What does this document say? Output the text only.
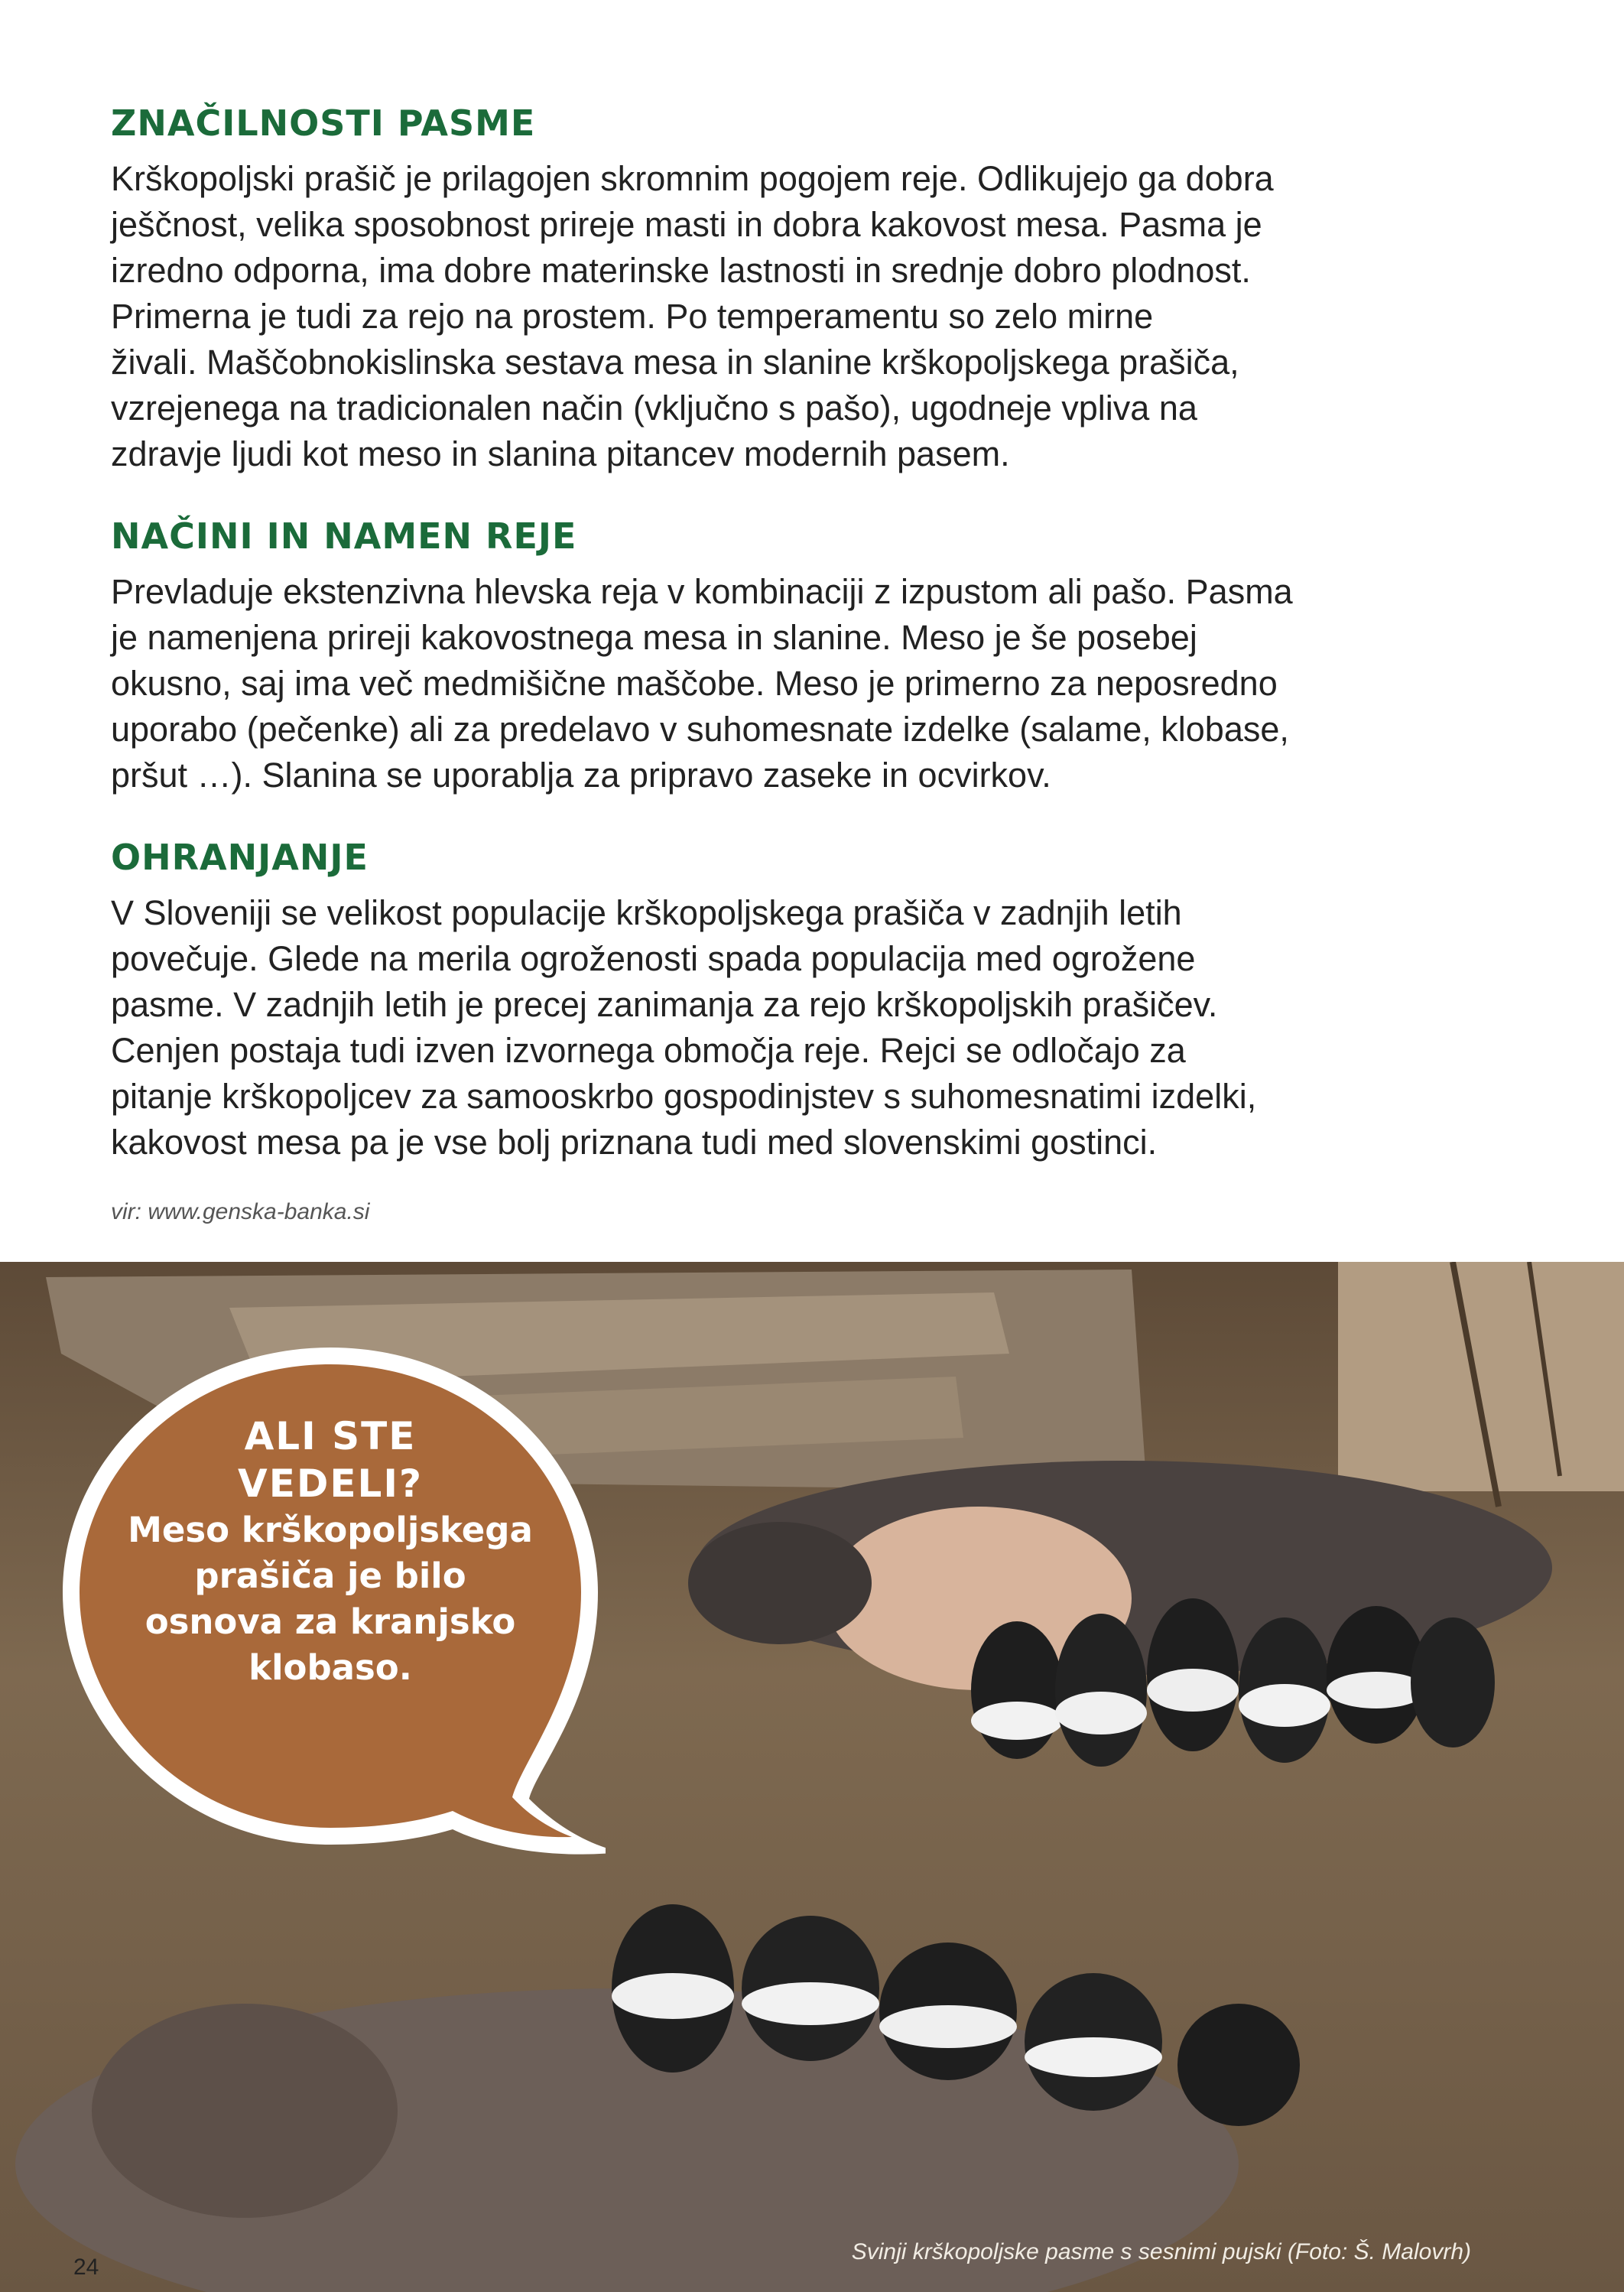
ZNAČILNOSTI PASME
Krškopoljski prašič je prilagojen skromnim pogojem reje. Odlikujejo ga dobra
ješčnost, velika sposobnost prireje masti in dobra kakovost mesa. Pasma je
izredno odporna, ima dobre materinske lastnosti in srednje dobro plodnost.
Primerna je tudi za rejo na prostem. Po temperamentu so zelo mirne
živali. Maščobnokislinska sestava mesa in slanine krškopoljskega prašiča,
vzrejenega na tradicionalen način (vključno s pašo), ugodneje vpliva na
zdravje ljudi kot meso in slanina pitancev modernih pasem.
NAČINI IN NAMEN REJE
Prevladuje ekstenzivna hlevska reja v kombinaciji z izpustom ali pašo. Pasma
je namenjena prireji kakovostnega mesa in slanine. Meso je še posebej
okusno, saj ima več medmišične maščobe. Meso je primerno za neposredno
uporabo (pečenke) ali za predelavo v suhomesnate izdelke (salame, klobase,
pršut …). Slanina se uporablja za pripravo zaseke in ocvirkov.
OHRANJANJE
V Sloveniji se velikost populacije krškopoljskega prašiča v zadnjih letih
povečuje. Glede na merila ogroženosti spada populacija med ogrožene
pasme. V zadnjih letih je precej zanimanja za rejo krškopoljskih prašičev.
Cenjen postaja tudi izven izvornega območja reje. Rejci se odločajo za
pitanje krškopoljcev za samooskrbo gospodinjstev s suhomesnatimi izdelki,
kakovost mesa pa je vse bolj priznana tudi med slovenskimi gostinci.
vir: www.genska-banka.si
ALI STE
VEDELI?
Meso krškopoljskega
prašiča je bilo
osnova za kranjsko
klobaso.
Svinji krškopoljske pasme s sesnimi pujski (Foto: Š. Malovrh)
24
